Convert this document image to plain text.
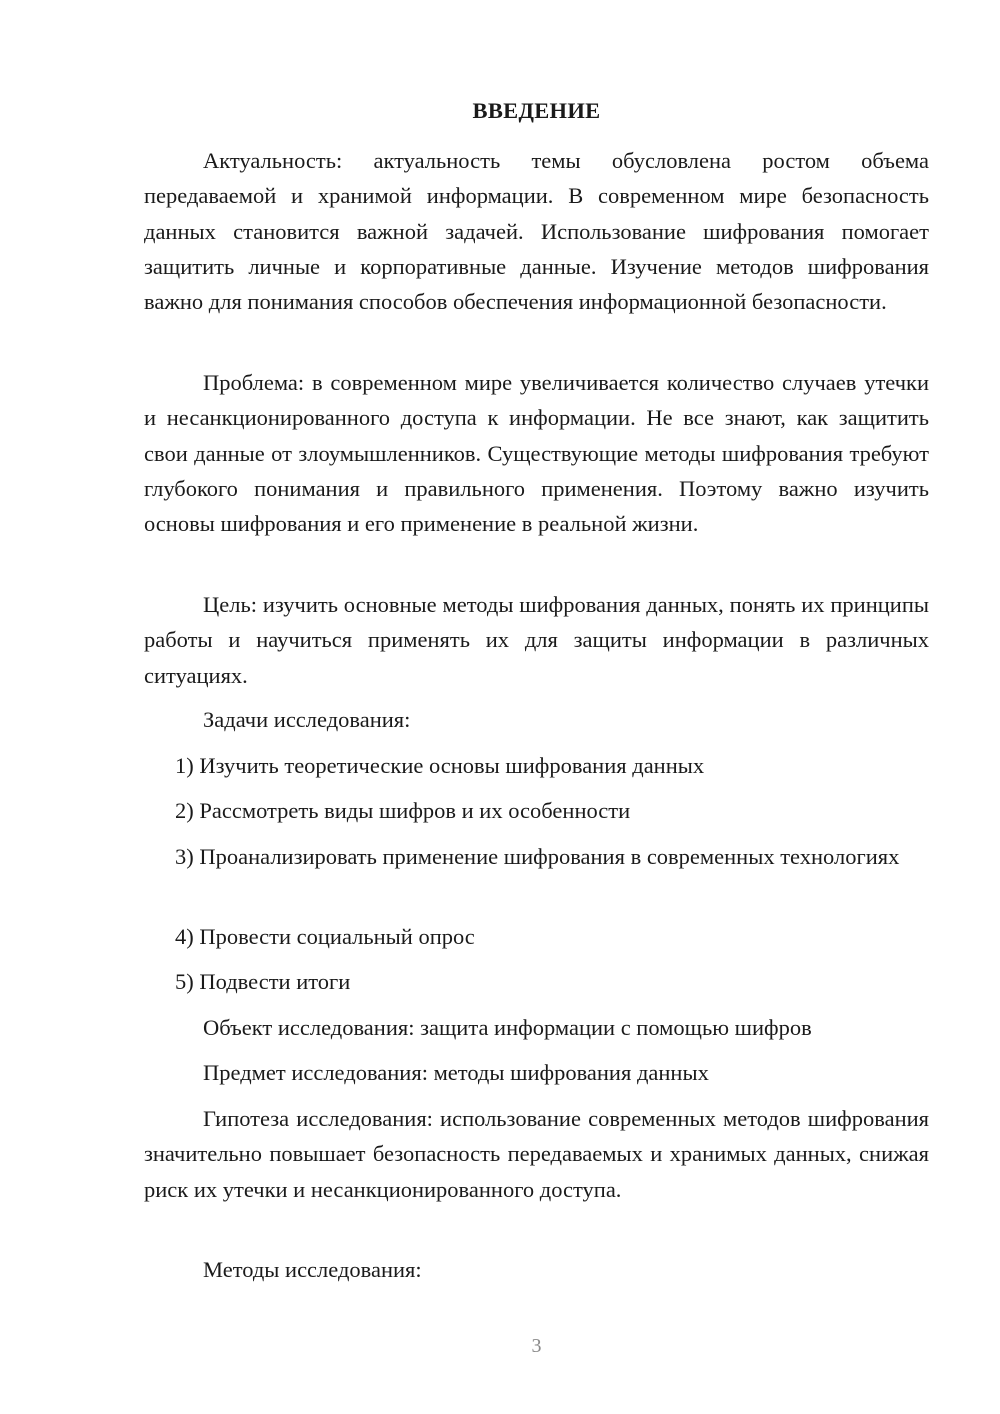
ВВЕДЕНИЕ

Актуальность: актуальность темы обусловлена ростом объема передаваемой и хранимой информации. В современном мире безопасность данных становится важной задачей. Использование шифрования помогает защитить личные и корпоративные данные. Изучение методов шифрования важно для понимания способов обеспечения информационной безопасности.

Проблема: в современном мире увеличивается количество случаев утечки и несанкционированного доступа к информации. Не все знают, как защитить свои данные от злоумышленников. Существующие методы шифрования требуют глубокого понимания и правильного применения. Поэтому важно изучить основы шифрования и его применение в реальной жизни.

Цель: изучить основные методы шифрования данных, понять их принципы работы и научиться применять их для защиты информации в различных ситуациях.

Задачи исследования:

1) Изучить теоретические основы шифрования данных

2) Рассмотреть виды шифров и их особенности

3) Проанализировать применение шифрования в современных технологиях

4) Провести социальный опрос

5) Подвести итоги

Объект исследования: защита информации с помощью шифров

Предмет исследования: методы шифрования данных

Гипотеза исследования: использование современных методов шифрования значительно повышает безопасность передаваемых и хранимых данных, снижая риск их утечки и несанкционированного доступа.

Методы исследования:

3
